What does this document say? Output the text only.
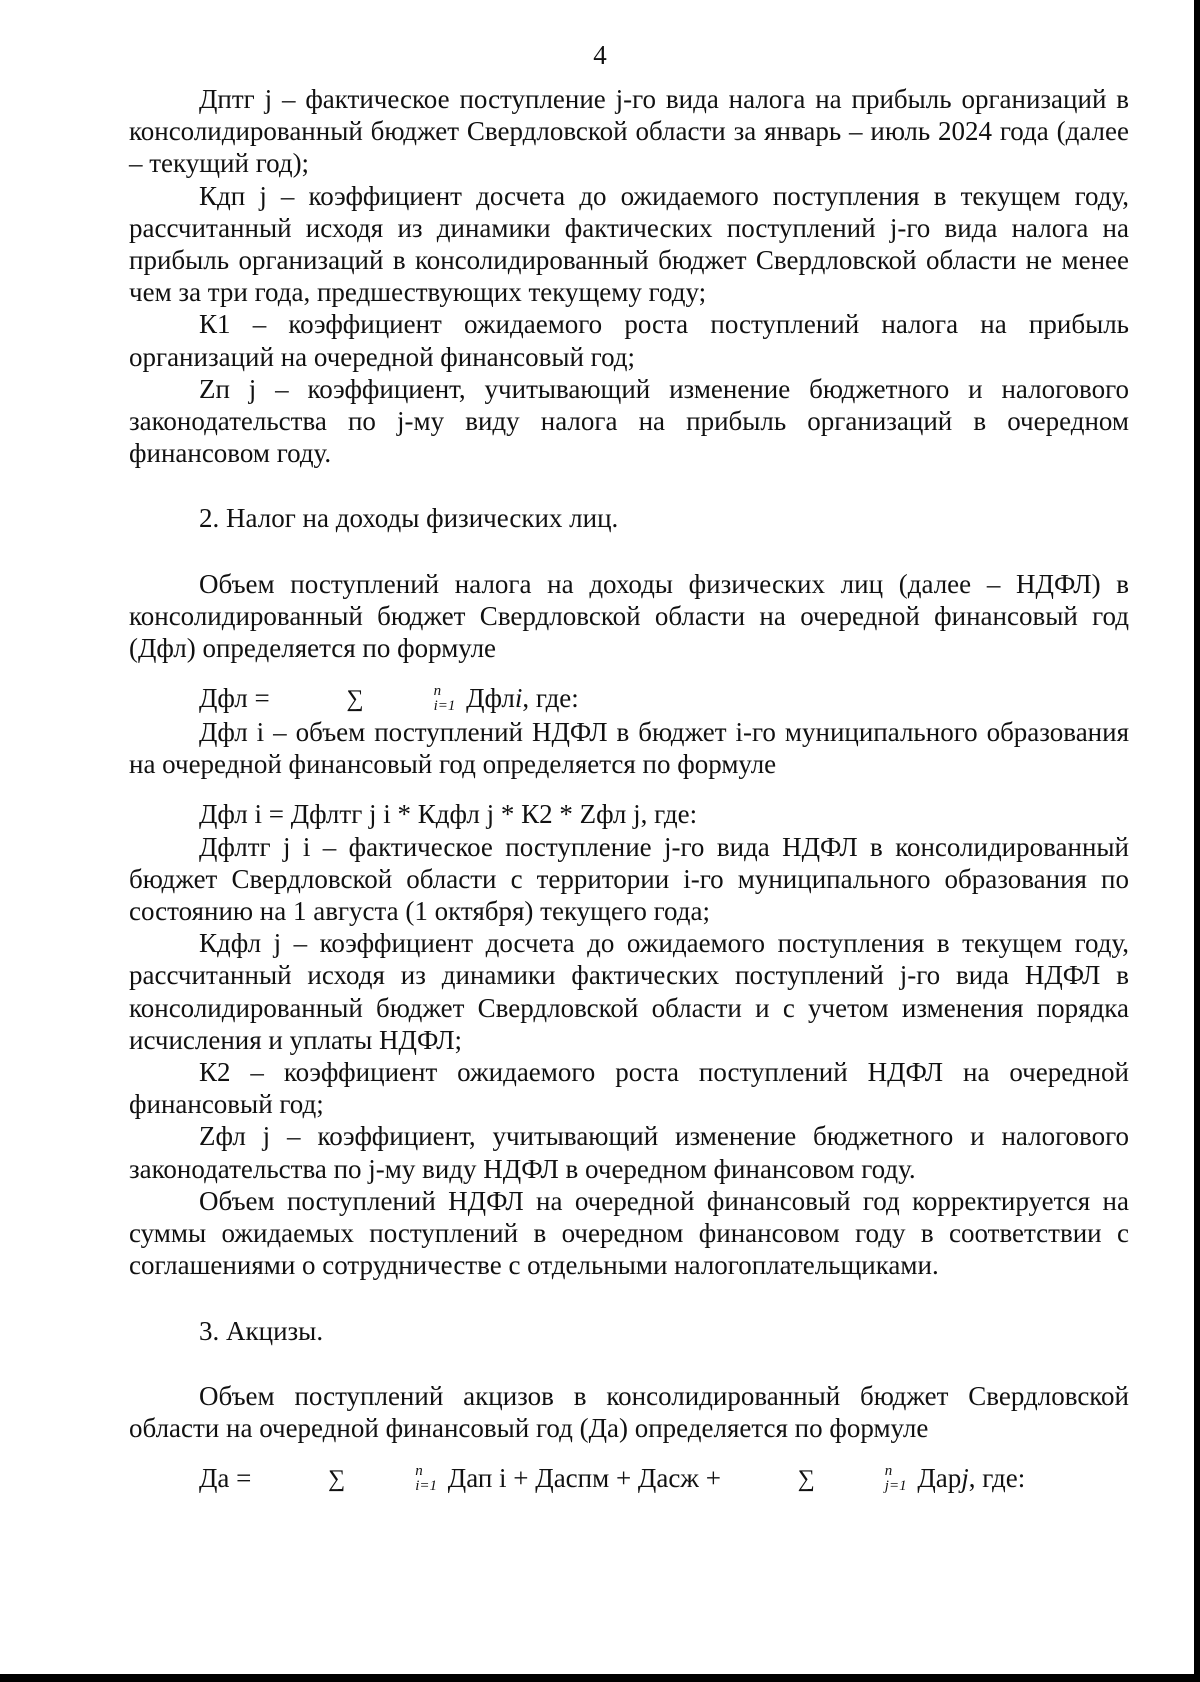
4

Дптг j – фактическое поступление j-го вида налога на прибыль организаций в консолидированный бюджет Свердловской области за январь – июль 2024 года (далее – текущий год);

Кдп j – коэффициент досчета до ожидаемого поступления в текущем году, рассчитанный исходя из динамики фактических поступлений j-го вида налога на прибыль организаций в консолидированный бюджет Свердловской области не менее чем за три года, предшествующих текущему году;

К1 – коэффициент ожидаемого роста поступлений налога на прибыль организаций на очередной финансовый год;

Zп j – коэффициент, учитывающий изменение бюджетного и налогового законодательства по j-му виду налога на прибыль организаций в очередном финансовом году.

2. Налог на доходы физических лиц.

Объем поступлений налога на доходы физических лиц (далее – НДФЛ) в консолидированный бюджет Свердловской области на очередной финансовый год (Дфл) определяется по формуле

Дфл =	∑	n
i=1 Дфлi, где:

Дфл i – объем поступлений НДФЛ в бюджет i-го муниципального образования на очередной финансовый год определяется по формуле

Дфл i = Дфлтг j i * Кдфл j * К2 * Zфл j, где:

Дфлтг j i – фактическое поступление j-го вида НДФЛ в консолидированный бюджет Свердловской области с территории i-го муниципального образования по состоянию на 1 августа (1 октября) текущего года;

Кдфл j – коэффициент досчета до ожидаемого поступления в текущем году, рассчитанный исходя из динамики фактических поступлений j-го вида НДФЛ в консолидированный бюджет Свердловской области и с учетом изменения порядка исчисления и уплаты НДФЛ;

К2 – коэффициент ожидаемого роста поступлений НДФЛ на очередной финансовый год;

Zфл j – коэффициент, учитывающий изменение бюджетного и налогового законодательства по j-му виду НДФЛ в очередном финансовом году.

Объем поступлений НДФЛ на очередной финансовый год корректируется на суммы ожидаемых поступлений в очередном финансовом году в соответствии с соглашениями о сотрудничестве с отдельными налогоплательщиками.

3. Акцизы.

Объем поступлений акцизов в консолидированный бюджет Свердловской области на очередной финансовый год (Да) определяется по формуле

Да =	∑	n
i=1 Дап i + Даспм + Дасж +	∑	n
j=1 Дарj, где:
